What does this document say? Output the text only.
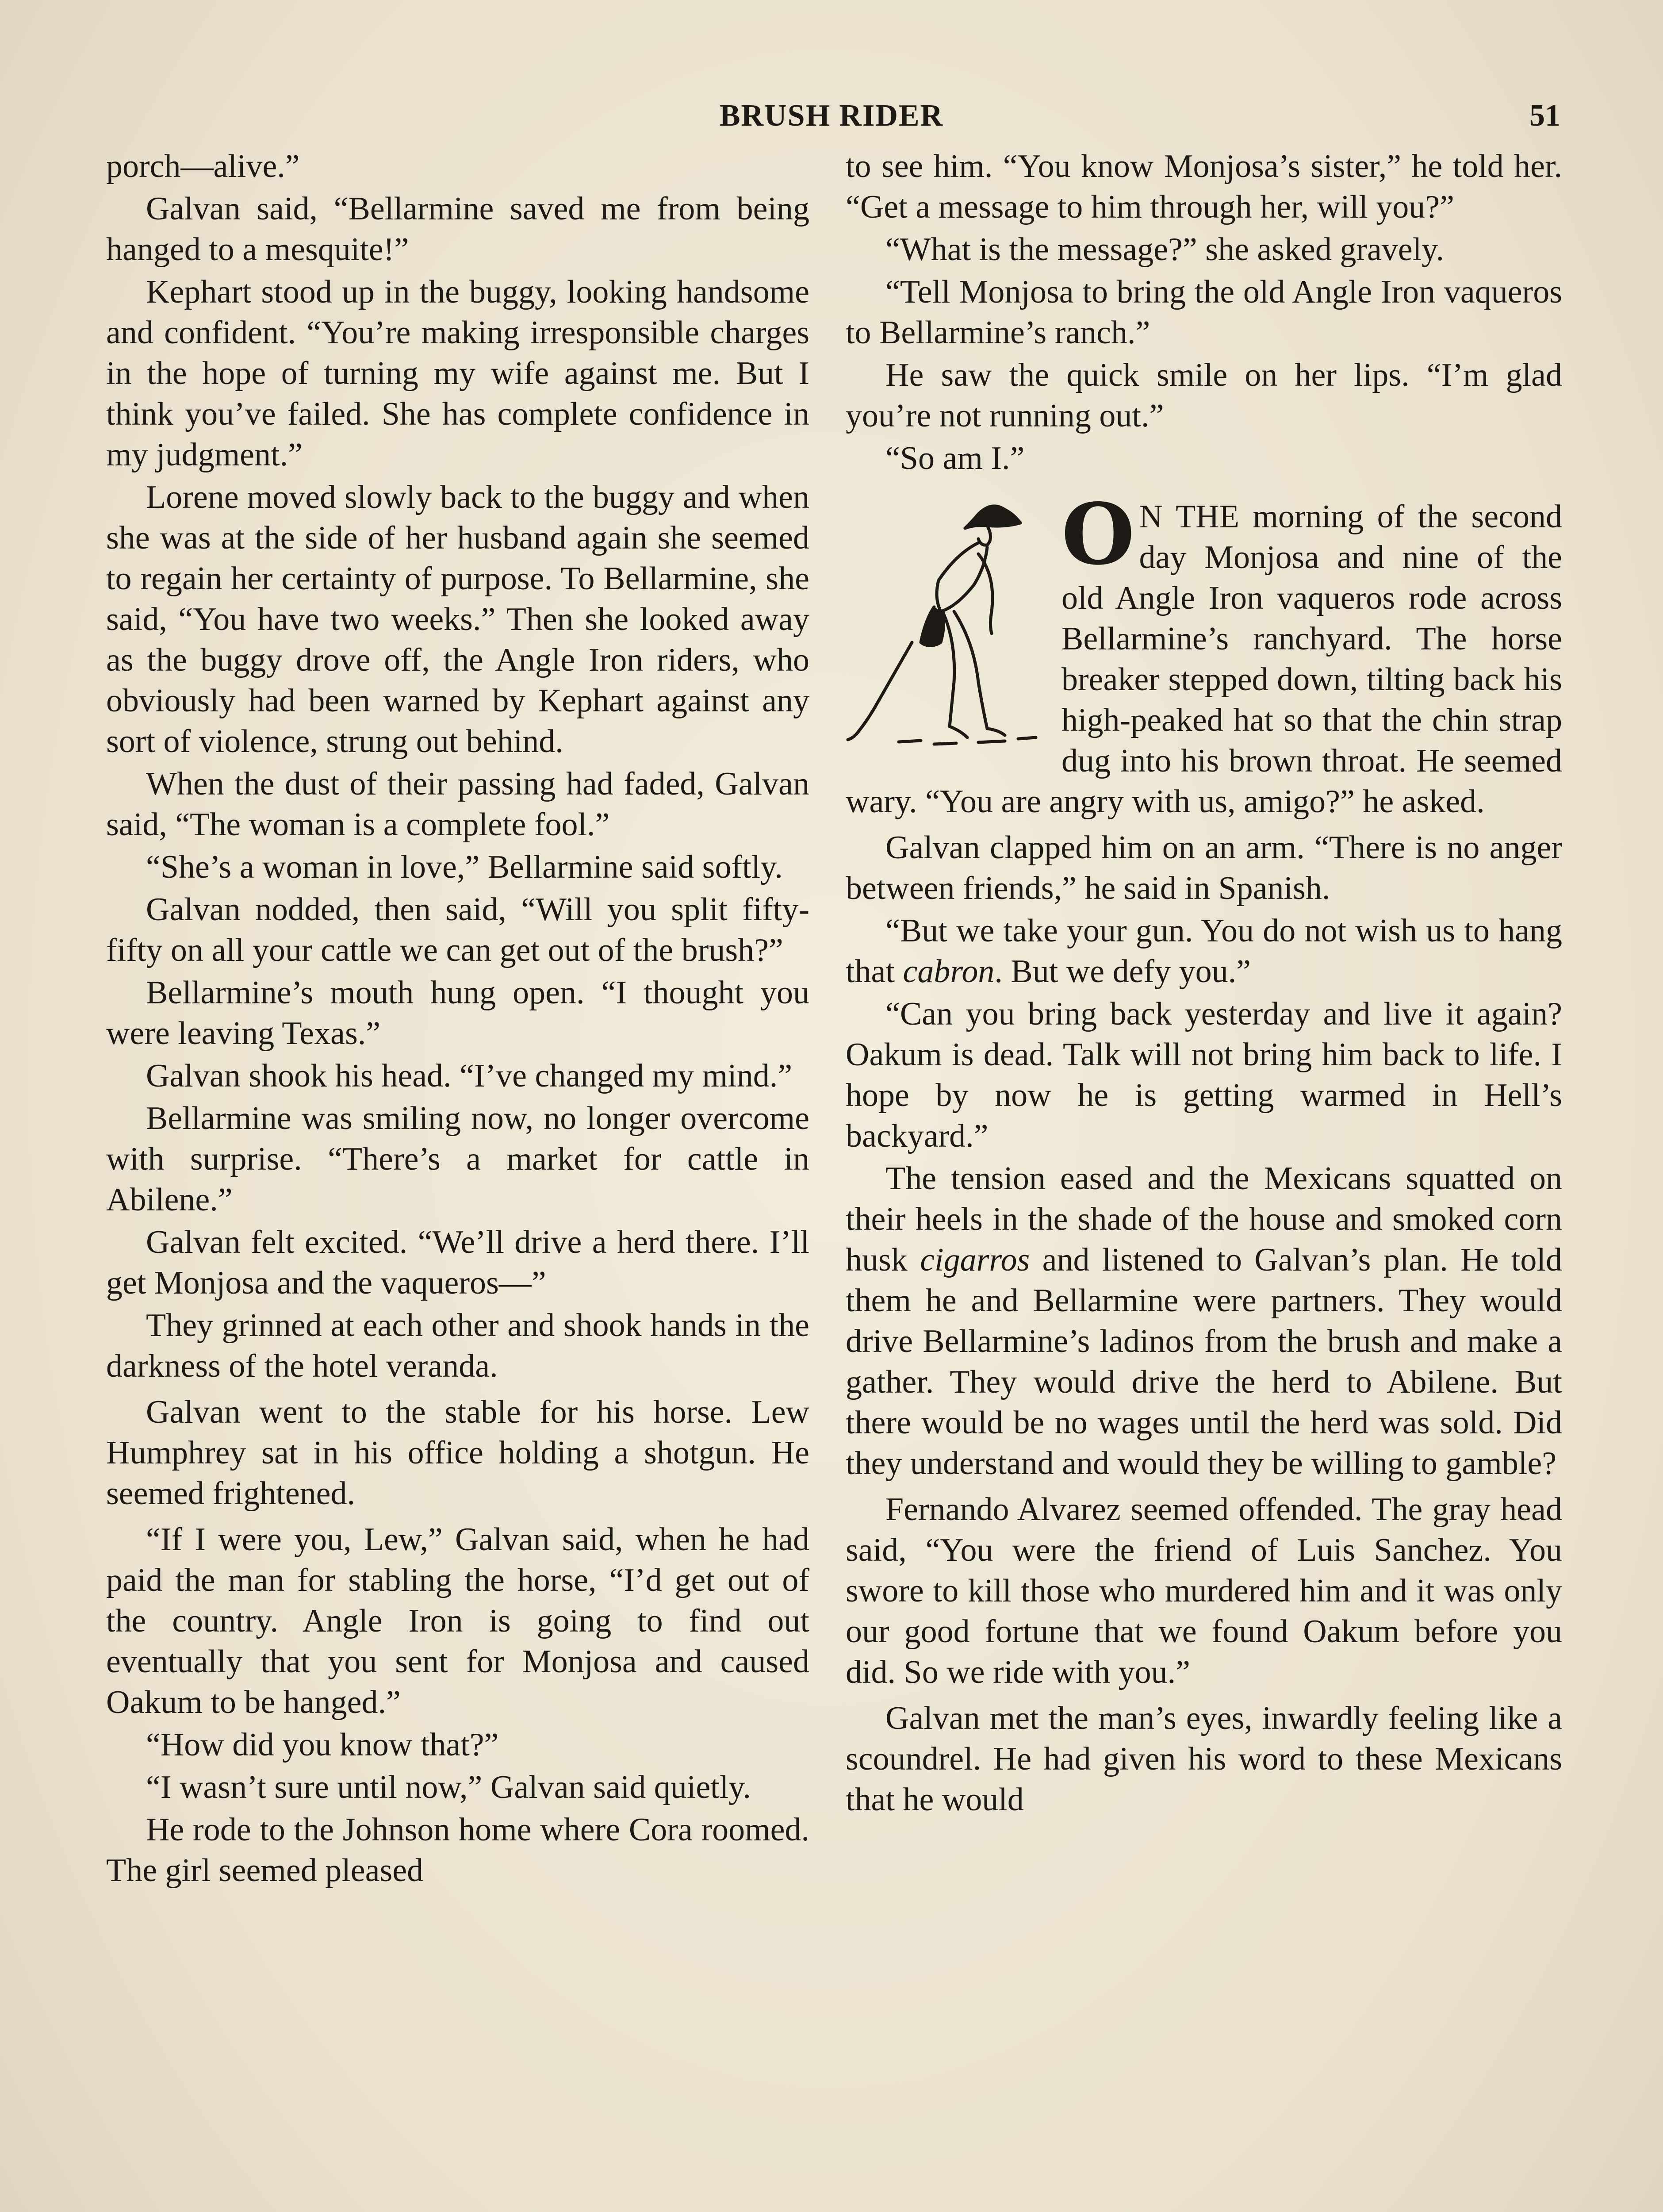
BRUSH RIDER	51

porch—alive.”

Galvan said, “Bellarmine saved me from being hanged to a mesquite!”

Kephart stood up in the buggy, looking handsome and confident. “You’re making irresponsible charges in the hope of turning my wife against me. But I think you’ve failed. She has complete confidence in my judgment.”

Lorene moved slowly back to the buggy and when she was at the side of her husband again she seemed to regain her certainty of purpose. To Bellarmine, she said, “You have two weeks.” Then she looked away as the buggy drove off, the Angle Iron riders, who obviously had been warned by Kephart against any sort of violence, strung out behind.

When the dust of their passing had faded, Galvan said, “The woman is a complete fool.”

“She’s a woman in love,” Bellarmine said softly.

Galvan nodded, then said, “Will you split fifty-fifty on all your cattle we can get out of the brush?”

Bellarmine’s mouth hung open. “I thought you were leaving Texas.”

Galvan shook his head. “I’ve changed my mind.”

Bellarmine was smiling now, no longer overcome with surprise. “There’s a market for cattle in Abilene.”

Galvan felt excited. “We’ll drive a herd there. I’ll get Monjosa and the vaqueros—”

They grinned at each other and shook hands in the darkness of the hotel veranda.

Galvan went to the stable for his horse. Lew Humphrey sat in his office holding a shotgun. He seemed frightened.

“If I were you, Lew,” Galvan said, when he had paid the man for stabling the horse, “I’d get out of the country. Angle Iron is going to find out eventually that you sent for Monjosa and caused Oakum to be hanged.”

“How did you know that?”

“I wasn’t sure until now,” Galvan said quietly.

He rode to the Johnson home where Cora roomed. The girl seemed pleased

to see him. “You know Monjosa’s sister,” he told her. “Get a message to him through her, will you?”

“What is the message?” she asked gravely.

“Tell Monjosa to bring the old Angle Iron vaqueros to Bellarmine’s ranch.”

He saw the quick smile on her lips. “I’m glad you’re not running out.”

“So am I.”

O N THE morning of the second day Monjosa and nine of the old Angle Iron vaqueros rode across Bellarmine’s ranchyard. The horse breaker stepped down, tilting back his high-peaked hat so that the chin strap dug into his brown throat. He seemed wary. “You are angry with us, amigo?” he asked.

Galvan clapped him on an arm. “There is no anger between friends,” he said in Spanish.

“But we take your gun. You do not wish us to hang that cabron. But we defy you.”

“Can you bring back yesterday and live it again? Oakum is dead. Talk will not bring him back to life. I hope by now he is getting warmed in Hell’s backyard.”

The tension eased and the Mexicans squatted on their heels in the shade of the house and smoked corn husk cigarros and listened to Galvan’s plan. He told them he and Bellarmine were partners. They would drive Bellarmine’s ladinos from the brush and make a gather. They would drive the herd to Abilene. But there would be no wages until the herd was sold. Did they understand and would they be willing to gamble?

Fernando Alvarez seemed offended. The gray head said, “You were the friend of Luis Sanchez. You swore to kill those who murdered him and it was only our good fortune that we found Oakum before you did. So we ride with you.”

Galvan met the man’s eyes, inwardly feeling like a scoundrel. He had given his word to these Mexicans that he would
